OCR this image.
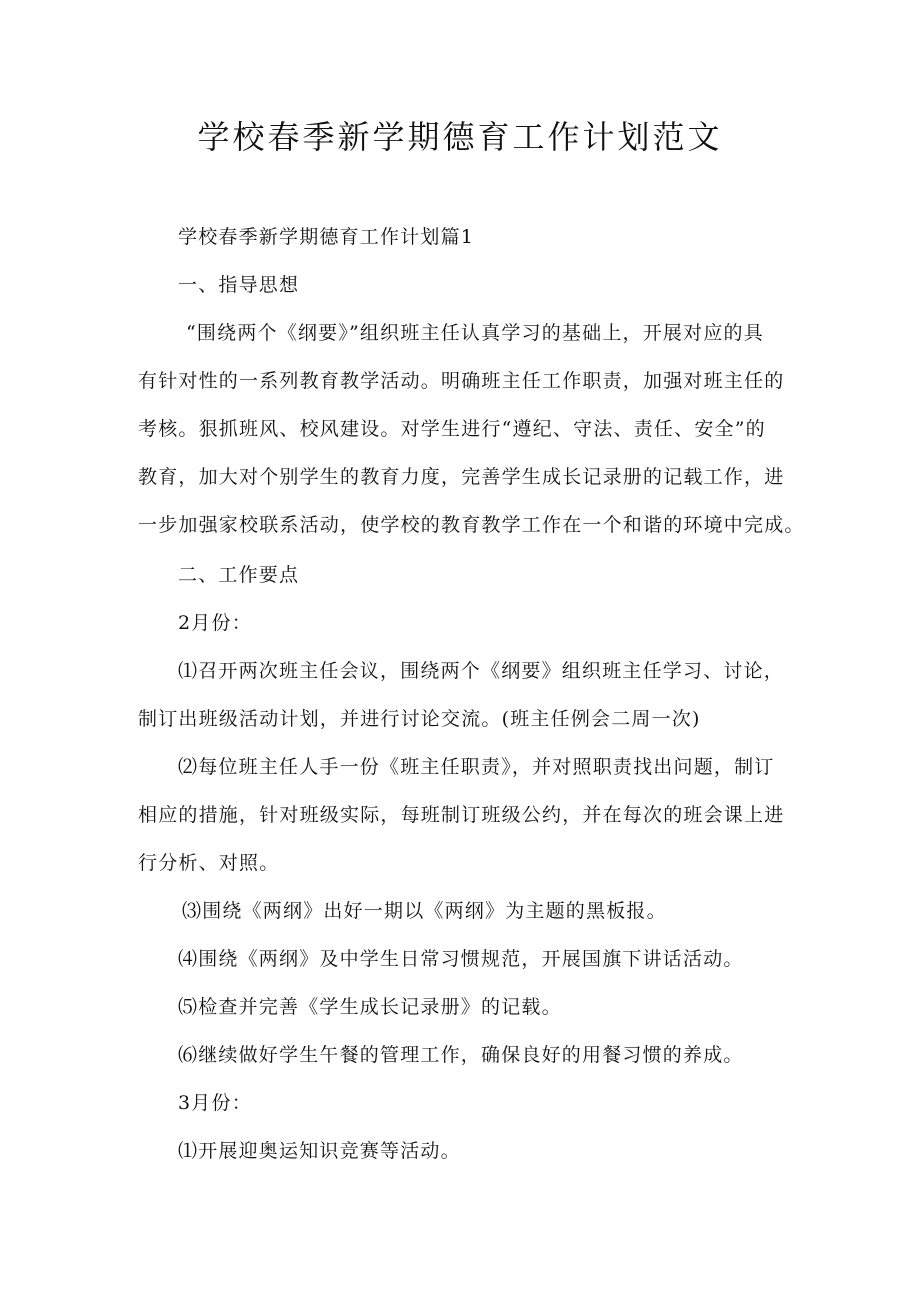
学校春季新学期德育工作计划范文

学校春季新学期德育工作计划篇1

一、指导思想

“围绕两个《纲要》”组织班主任认真学习的基础上，开展对应的具

有针对性的一系列教育教学活动。明确班主任工作职责，加强对班主任的

考核。狠抓班风、校风建设。对学生进行“遵纪、守法、责任、安全”的

教育，加大对个别学生的教育力度，完善学生成长记录册的记载工作，进

一步加强家校联系活动，使学校的教育教学工作在一个和谐的环境中完成。

二、工作要点

2月份：

⑴召开两次班主任会议，围绕两个《纲要》组织班主任学习、讨论，

制订出班级活动计划，并进行讨论交流。(班主任例会二周一次)

⑵每位班主任人手一份《班主任职责》，并对照职责找出问题，制订

相应的措施，针对班级实际，每班制订班级公约，并在每次的班会课上进

行分析、对照。

⑶围绕《两纲》出好一期以《两纲》为主题的黑板报。

⑷围绕《两纲》及中学生日常习惯规范，开展国旗下讲话活动。

⑸检查并完善《学生成长记录册》的记载。

⑹继续做好学生午餐的管理工作，确保良好的用餐习惯的养成。

3月份：

⑴开展迎奥运知识竞赛等活动。
